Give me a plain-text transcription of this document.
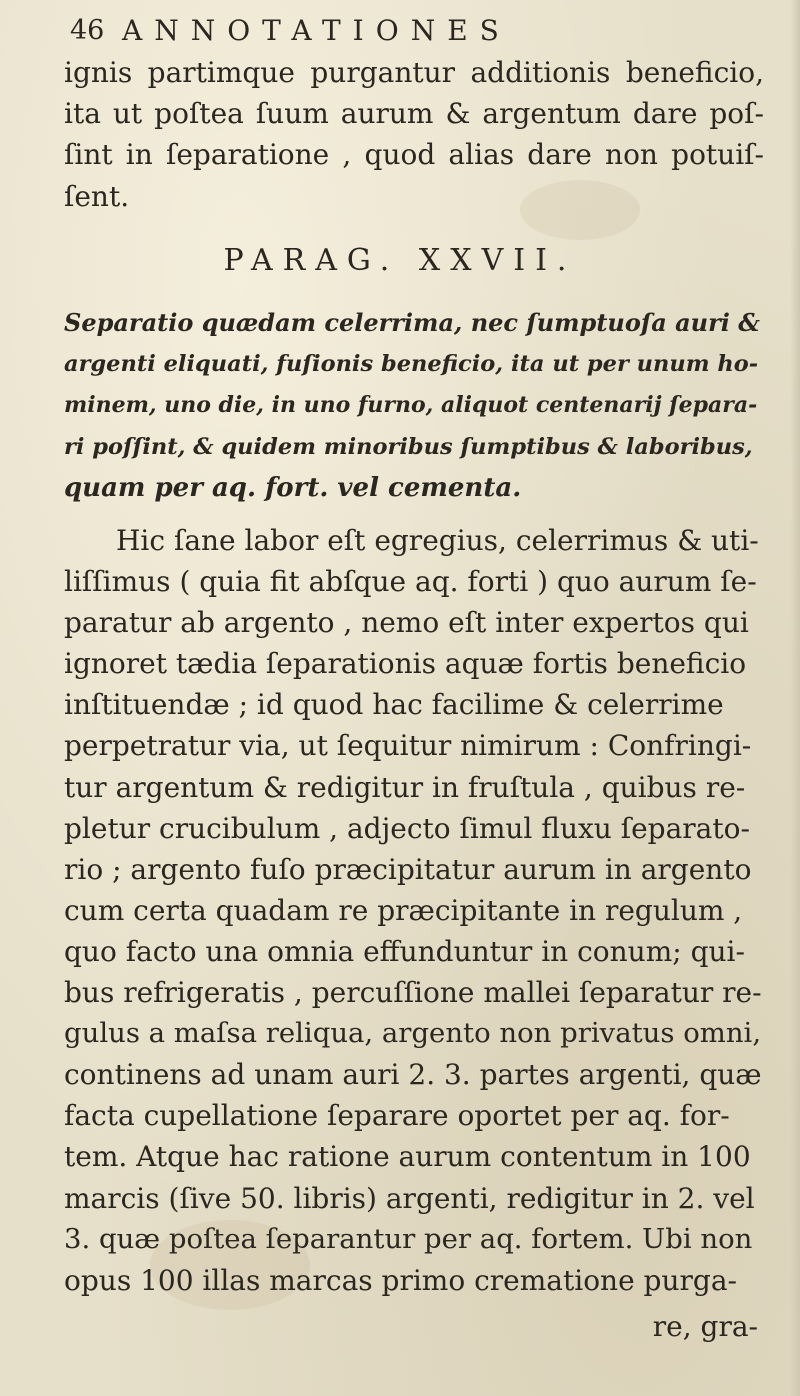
46 ANNOTATIONES
ignis partimque purgantur additionis beneficio,
ita ut poſtea ſuum aurum & argentum dare poſ-
ſint in ſeparatione , quod alias dare non potuiſ-
ſent.
PARAG. XXVII.
Separatio quædam celerrima, nec ſumptuoſa auri &
argenti eliquati, fuſionis beneficio, ita ut per unum ho-
minem, uno die, in uno furno, aliquot centenarij ſepara-
ri poſſint, & quidem minoribus ſumptibus & laboribus,
quam per aq. fort. vel cementa.
Hic ſane labor eſt egregius, celerrimus & uti-
liſſimus ( quia fit abſque aq. forti ) quo aurum ſe-
paratur ab argento , nemo eſt inter expertos qui
ignoret tædia ſeparationis aquæ fortis beneficio
inſtituendæ ; id quod hac facilime & celerrime
perpetratur via, ut ſequitur nimirum : Confringi-
tur argentum & redigitur in fruſtula , quibus re-
pletur crucibulum , adjecto ſimul fluxu ſeparato-
rio ; argento fuſo præcipitatur aurum in argento
cum certa quadam re præcipitante in regulum ,
quo facto una omnia effunduntur in conum; qui-
bus refrigeratis , percuſſione mallei ſeparatur re-
gulus a maſsa reliqua, argento non privatus omni,
continens ad unam auri 2. 3. partes argenti, quæ
facta cupellatione ſeparare oportet per aq. for-
tem. Atque hac ratione aurum contentum in 100
marcis (ſive 50. libris) argenti, redigitur in 2. vel
3. quæ poſtea ſeparantur per aq. fortem. Ubi non
opus 100 illas marcas primo crematione purga-
re, gra-
